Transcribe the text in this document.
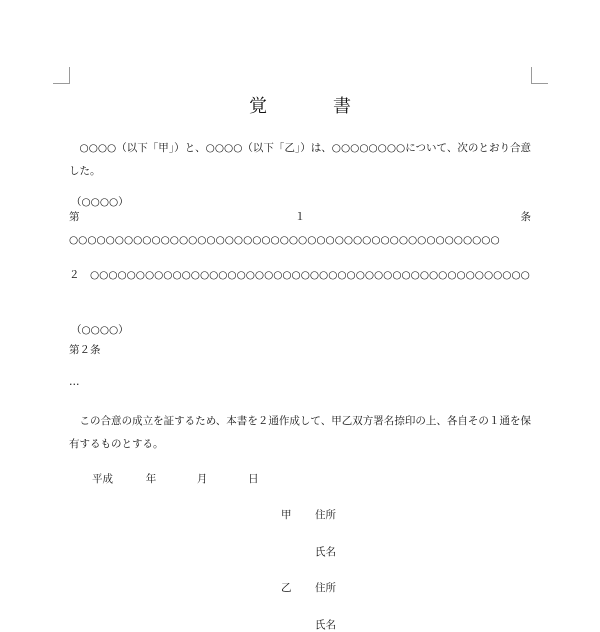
覚　書
　○○○○（以下「甲」）と、○○○○（以下「乙」）は、○○○○○○○○について、次のとおり合意した。
（○○○○）
第１条　○○○○○○○○○○○○○○○○○○○○○○○○○○○○○○○○○○○○○○○○○○○○○○○
２　○○○○○○○○○○○○○○○○○○○○○○○○○○○○○○○○○○○○○○○○○○○○○○○○
（○○○○）
第２条
…
　この合意の成立を証するため、本書を２通作成して、甲乙双方署名捺印の上、各自その１通を保有するものとする。
平成	年	月	日
甲 住所
氏名
乙 住所
氏名
